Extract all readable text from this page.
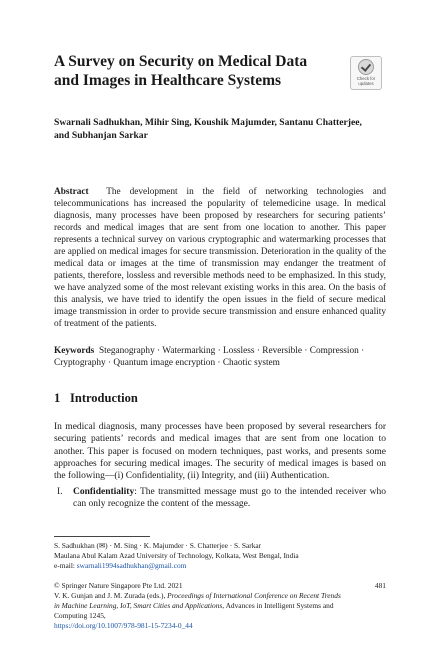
A Survey on Security on Medical Data
and Images in Healthcare Systems	Check for
updates

Swarnali Sadhukhan, Mihir Sing, Koushik Majumder, Santanu Chatterjee,
and Subhanjan Sarkar

Abstract The development in the field of networking technologies and telecommunications has increased the popularity of telemedicine usage. In medical diagnosis, many processes have been proposed by researchers for securing patients’ records and medical images that are sent from one location to another. This paper represents a technical survey on various cryptographic and watermarking processes that are applied on medical images for secure transmission. Deterioration in the quality of the medical data or images at the time of transmission may endanger the treatment of patients, therefore, lossless and reversible methods need to be emphasized. In this study, we have analyzed some of the most relevant existing works in this area. On the basis of this analysis, we have tried to identify the open issues in the field of secure medical image transmission in order to provide secure transmission and ensure enhanced quality of treatment of the patients.

Keywords Steganography · Watermarking · Lossless · Reversible · Compression · Cryptography · Quantum image encryption · Chaotic system

1 Introduction

In medical diagnosis, many processes have been proposed by several researchers for securing patients’ records and medical images that are sent from one location to another. This paper is focused on modern techniques, past works, and presents some approaches for securing medical images. The security of medical images is based on the following—(i) Confidentiality, (ii) Integrity, and (iii) Authentication.

I. Confidentiality: The transmitted message must go to the intended receiver who can only recognize the content of the message.

S. Sadhukhan (✉) · M. Sing · K. Majumder · S. Chatterjee · S. Sarkar
Maulana Abul Kalam Azad University of Technology, Kolkata, West Bengal, India
e-mail: swarnali1994sadhukhan@gmail.com

© Springer Nature Singapore Pte Ltd. 2021
V. K. Gunjan and J. M. Zurada (eds.), Proceedings of International Conference on Recent Trends in Machine Learning, IoT, Smart Cities and Applications, Advances in Intelligent Systems and Computing 1245,
https://doi.org/10.1007/978-981-15-7234-0_44

481
